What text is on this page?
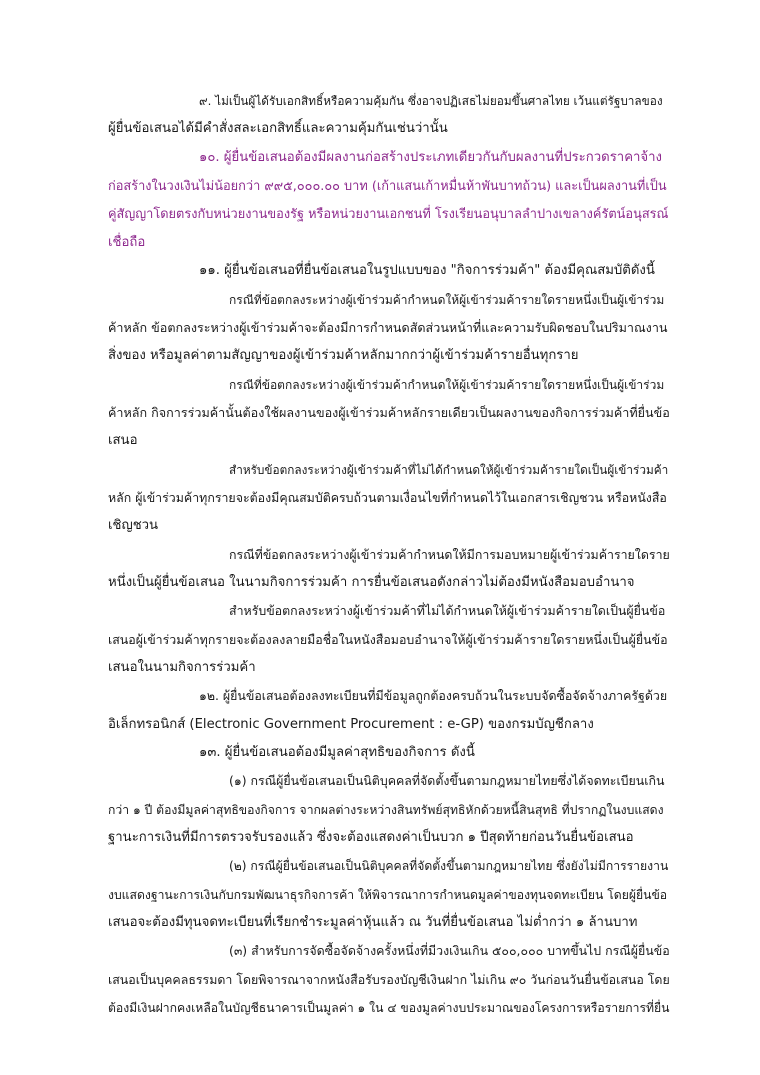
๙. ไม่เป็นผู้ได้รับเอกสิทธิ์หรือความคุ้มกัน ซึ่งอาจปฏิเสธไม่ยอมขึ้นศาลไทย เว้นแต่รัฐบาลของ
ผู้ยื่นข้อเสนอได้มีคำสั่งสละเอกสิทธิ์และความคุ้มกันเช่นว่านั้น
๑๐. ผู้ยื่นข้อเสนอต้องมีผลงานก่อสร้างประเภทเดียวกันกับผลงานที่ประกวดราคาจ้าง
ก่อสร้างในวงเงินไม่น้อยกว่า ๙๙๕,๐๐๐.๐๐ บาท (เก้าแสนเก้าหมื่นห้าพันบาทถ้วน) และเป็นผลงานที่เป็น
คู่สัญญาโดยตรงกับหน่วยงานของรัฐ หรือหน่วยงานเอกชนที่ โรงเรียนอนุบาลลำปางเขลางค์รัตน์อนุสรณ์
เชื่อถือ
๑๑. ผู้ยื่นข้อเสนอที่ยื่นข้อเสนอในรูปแบบของ "กิจการร่วมค้า" ต้องมีคุณสมบัติดังนี้
กรณีที่ข้อตกลงระหว่างผู้เข้าร่วมค้ากำหนดให้ผู้เข้าร่วมค้ารายใดรายหนึ่งเป็นผู้เข้าร่วม
ค้าหลัก ข้อตกลงระหว่างผู้เข้าร่วมค้าจะต้องมีการกำหนดสัดส่วนหน้าที่และความรับผิดชอบในปริมาณงาน
สิ่งของ หรือมูลค่าตามสัญญาของผู้เข้าร่วมค้าหลักมากกว่าผู้เข้าร่วมค้ารายอื่นทุกราย
กรณีที่ข้อตกลงระหว่างผู้เข้าร่วมค้ากำหนดให้ผู้เข้าร่วมค้ารายใดรายหนึ่งเป็นผู้เข้าร่วม
ค้าหลัก กิจการร่วมค้านั้นต้องใช้ผลงานของผู้เข้าร่วมค้าหลักรายเดียวเป็นผลงานของกิจการร่วมค้าที่ยื่นข้อ
เสนอ
สำหรับข้อตกลงระหว่างผู้เข้าร่วมค้าที่ไม่ได้กำหนดให้ผู้เข้าร่วมค้ารายใดเป็นผู้เข้าร่วมค้า
หลัก ผู้เข้าร่วมค้าทุกรายจะต้องมีคุณสมบัติครบถ้วนตามเงื่อนไขที่กำหนดไว้ในเอกสารเชิญชวน หรือหนังสือ
เชิญชวน
กรณีที่ข้อตกลงระหว่างผู้เข้าร่วมค้ากำหนดให้มีการมอบหมายผู้เข้าร่วมค้ารายใดราย
หนึ่งเป็นผู้ยื่นข้อเสนอ ในนามกิจการร่วมค้า การยื่นข้อเสนอดังกล่าวไม่ต้องมีหนังสือมอบอำนาจ
สำหรับข้อตกลงระหว่างผู้เข้าร่วมค้าที่ไม่ได้กำหนดให้ผู้เข้าร่วมค้ารายใดเป็นผู้ยื่นข้อ
เสนอผู้เข้าร่วมค้าทุกรายจะต้องลงลายมือชื่อในหนังสือมอบอำนาจให้ผู้เข้าร่วมค้ารายใดรายหนึ่งเป็นผู้ยื่นข้อ
เสนอในนามกิจการร่วมค้า
๑๒. ผู้ยื่นข้อเสนอต้องลงทะเบียนที่มีข้อมูลถูกต้องครบถ้วนในระบบจัดซื้อจัดจ้างภาครัฐด้วย
อิเล็กทรอนิกส์ (Electronic Government Procurement : e-GP) ของกรมบัญชีกลาง
๑๓. ผู้ยื่นข้อเสนอต้องมีมูลค่าสุทธิของกิจการ ดังนี้
(๑) กรณีผู้ยื่นข้อเสนอเป็นนิติบุคคลที่จัดตั้งขึ้นตามกฎหมายไทยซึ่งได้จดทะเบียนเกิน
กว่า ๑ ปี ต้องมีมูลค่าสุทธิของกิจการ จากผลต่างระหว่างสินทรัพย์สุทธิหักด้วยหนี้สินสุทธิ ที่ปรากฏในงบแสดง
ฐานะการเงินที่มีการตรวจรับรองแล้ว ซึ่งจะต้องแสดงค่าเป็นบวก ๑ ปีสุดท้ายก่อนวันยื่นข้อเสนอ
(๒) กรณีผู้ยื่นข้อเสนอเป็นนิติบุคคลที่จัดตั้งขึ้นตามกฎหมายไทย ซึ่งยังไม่มีการรายงาน
งบแสดงฐานะการเงินกับกรมพัฒนาธุรกิจการค้า ให้พิจารณาการกำหนดมูลค่าของทุนจดทะเบียน โดยผู้ยื่นข้อ
เสนอจะต้องมีทุนจดทะเบียนที่เรียกชำระมูลค่าหุ้นแล้ว ณ วันที่ยื่นข้อเสนอ ไม่ต่ำกว่า ๑ ล้านบาท
(๓) สำหรับการจัดซื้อจัดจ้างครั้งหนึ่งที่มีวงเงินเกิน ๕๐๐,๐๐๐ บาทขึ้นไป กรณีผู้ยื่นข้อ
เสนอเป็นบุคคลธรรมดา โดยพิจารณาจากหนังสือรับรองบัญชีเงินฝาก ไม่เกิน ๙๐ วันก่อนวันยื่นข้อเสนอ โดย
ต้องมีเงินฝากคงเหลือในบัญชีธนาคารเป็นมูลค่า ๑ ใน ๔ ของมูลค่างบประมาณของโครงการหรือรายการที่ยื่น
